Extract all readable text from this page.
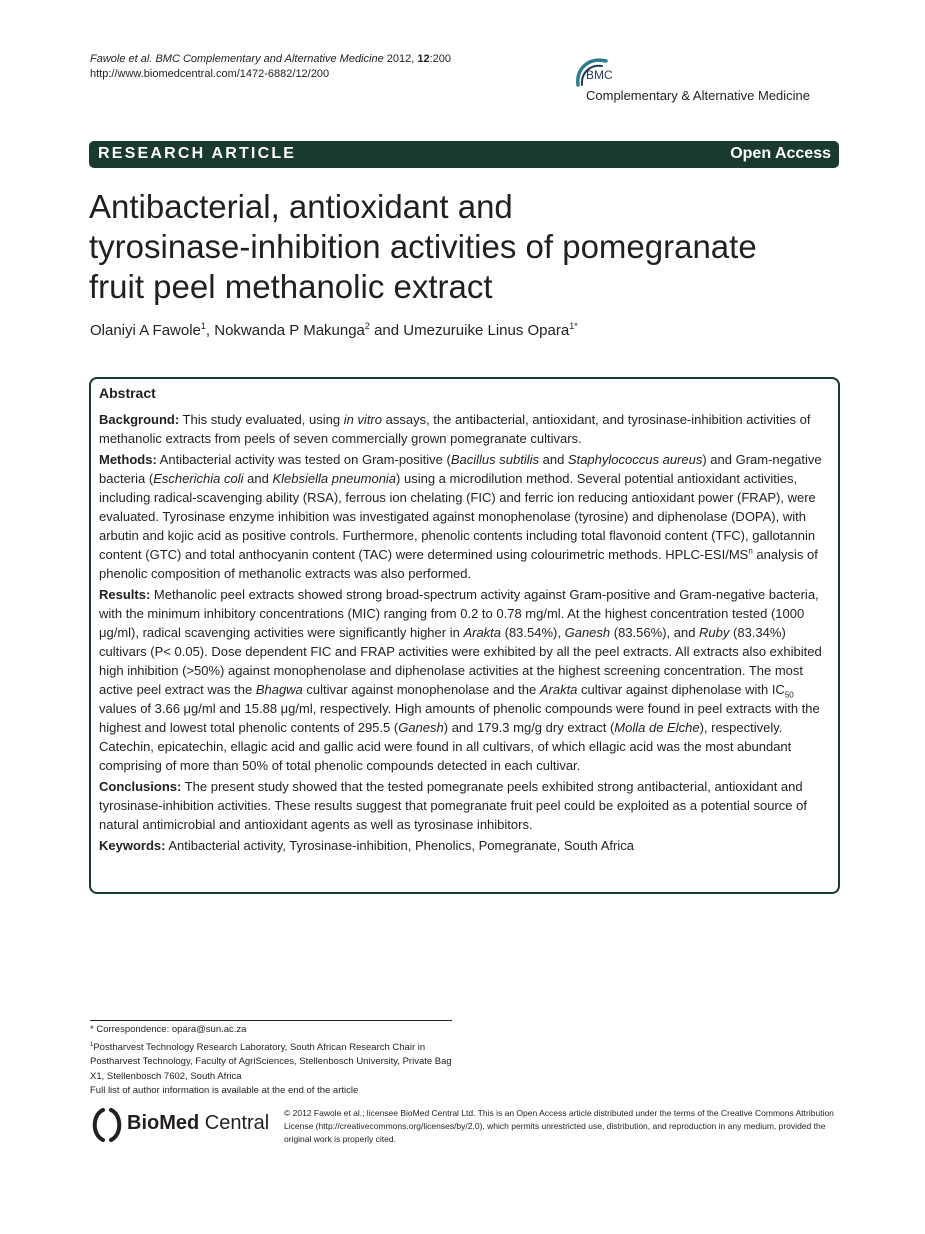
Fawole et al. BMC Complementary and Alternative Medicine 2012, 12:200
http://www.biomedcentral.com/1472-6882/12/200	BMC
Complementary & Alternative Medicine
RESEARCH ARTICLE	Open Access
Antibacterial, antioxidant and
tyrosinase-inhibition activities of pomegranate
fruit peel methanolic extract
Olaniyi A Fawole$^1$, Nokwanda P Makunga$^2$ and Umezuruike Linus Opara$^{1*}$
Abstract

Background: This study evaluated, using in vitro assays, the antibacterial, antioxidant, and tyrosinase-inhibition activities of methanolic extracts from peels of seven commercially grown pomegranate cultivars.

Methods: Antibacterial activity was tested on Gram-positive (Bacillus subtilis and Staphylococcus aureus) and Gram-negative bacteria (Escherichia coli and Klebsiella pneumonia) using a microdilution method. Several potential antioxidant activities, including radical-scavenging ability (RSA), ferrous ion chelating (FIC) and ferric ion reducing antioxidant power (FRAP), were evaluated. Tyrosinase enzyme inhibition was investigated against monophenolase (tyrosine) and diphenolase (DOPA), with arbutin and kojic acid as positive controls. Furthermore, phenolic contents including total flavonoid content (TFC), gallotannin content (GTC) and total anthocyanin content (TAC) were determined using colourimetric methods. HPLC-$ESI/MS^n$ analysis of phenolic composition of methanolic extracts was also performed.

Results: Methanolic peel extracts showed strong broad-spectrum activity against Gram-positive and Gram-negative bacteria, with the minimum inhibitory concentrations (MIC) ranging from 0.2 to 0.78 mg/ml. At the highest concentration tested (1000 μg/ml), radical scavenging activities were significantly higher in Arakta (83.54%), Ganesh (83.56%), and Ruby (83.34%) cultivars (P< 0.05). Dose dependent FIC and FRAP activities were exhibited by all the peel extracts. All extracts also exhibited high inhibition (>50%) against monophenolase and diphenolase activities at the highest screening concentration. The most active peel extract was the Bhagwa cultivar against monophenolase and the Arakta cultivar against diphenolase with $IC_{50}$ values of 3.66 μg/ml and 15.88 μg/ml, respectively. High amounts of phenolic compounds were found in peel extracts with the highest and lowest total phenolic contents of 295.5 (Ganesh) and 179.3 mg/g dry extract (Molla de Elche), respectively. Catechin, epicatechin, ellagic acid and gallic acid were found in all cultivars, of which ellagic acid was the most abundant comprising of more than 50% of total phenolic compounds detected in each cultivar.

Conclusions: The present study showed that the tested pomegranate peels exhibited strong antibacterial, antioxidant and tyrosinase-inhibition activities. These results suggest that pomegranate fruit peel could be exploited as a potential source of natural antimicrobial and antioxidant agents as well as tyrosinase inhibitors.

Keywords: Antibacterial activity, Tyrosinase-inhibition, Phenolics, Pomegranate, South Africa

* Correspondence: opara@sun.ac.za
$^1$Postharvest Technology Research Laboratory, South African Research Chair in Postharvest Technology, Faculty of AgriSciences, Stellenbosch University, Private Bag X1, Stellenbosch 7602, South Africa
Full list of author information is available at the end of the article
BioMed Central © 2012 Fawole et al.; licensee BioMed Central Ltd. This is an Open Access article distributed under the terms of the Creative Commons Attribution License (http://creativecommons.org/licenses/by/2.0), which permits unrestricted use, distribution, and reproduction in any medium, provided the original work is properly cited.
